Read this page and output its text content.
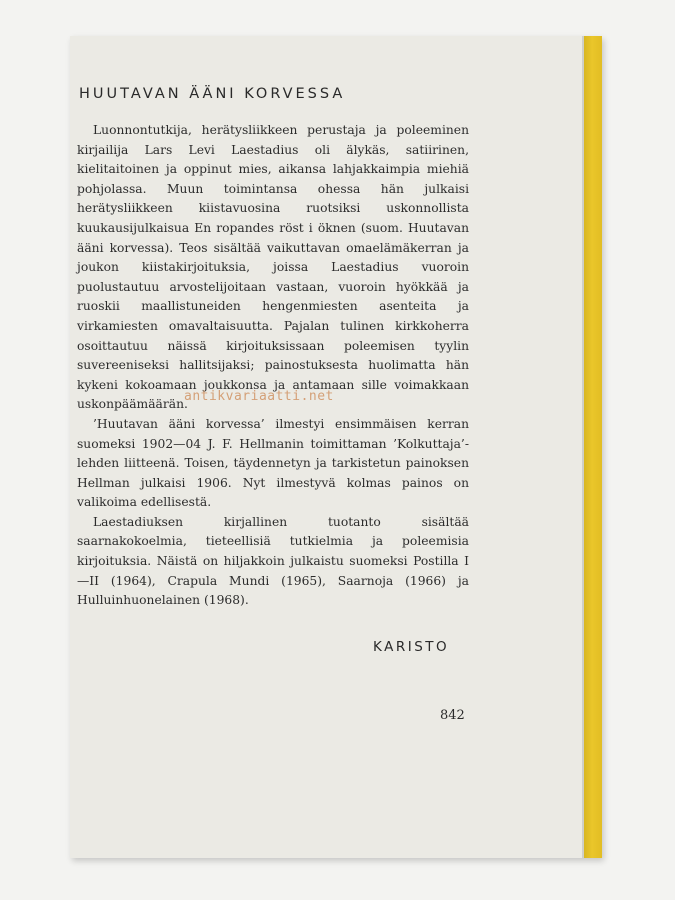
HUUTAVAN ÄÄNI KORVESSA

Luonnontutkija, herätysliikkeen perustaja ja poleeminen kirjailija Lars Levi Laestadius oli älykäs, satiirinen, kielitaitoinen ja oppinut mies, aikansa lahjakkaimpia miehiä pohjolassa. Muun toimintansa ohessa hän julkaisi herätysliikkeen kiistavuosina ruotsiksi uskonnollista kuukausijulkaisua En ropandes röst i öknen (suom. Huutavan ääni korvessa). Teos sisältää vaikuttavan omaelämäkerran ja joukon kiistakirjoituksia, joissa Laestadius vuoroin puolustautuu arvostelijoitaan vastaan, vuoroin hyökkää ja ruoskii maallistuneiden hengenmiesten asenteita ja virkamiesten omavaltaisuutta. Pajalan tulinen kirkkoherra osoittautuu näissä kirjoituksissaan poleemisen tyylin suvereeniseksi hallitsijaksi; painostuksesta huolimatta hän kykeni kokoamaan joukkonsa ja antamaan sille voimakkaan uskonpäämäärän.

’Huutavan ääni korvessa’ ilmestyi ensimmäisen kerran suomeksi 1902—04 J. F. Hellmanin toimittaman ’Kolkuttaja’-lehden liitteenä. Toisen, täydennetyn ja tarkistetun painoksen Hellman julkaisi 1906. Nyt ilmestyvä kolmas painos on valikoima edellisestä.

Laestadiuksen kirjallinen tuotanto sisältää saarnakokoelmia, tieteellisiä tutkielmia ja poleemisia kirjoituksia. Näistä on hiljakkoin julkaistu suomeksi Postilla I—II (1964), Crapula Mundi (1965), Saarnoja (1966) ja Hulluinhuonelainen (1968).

antikvariaatti.net
KARISTO
842
